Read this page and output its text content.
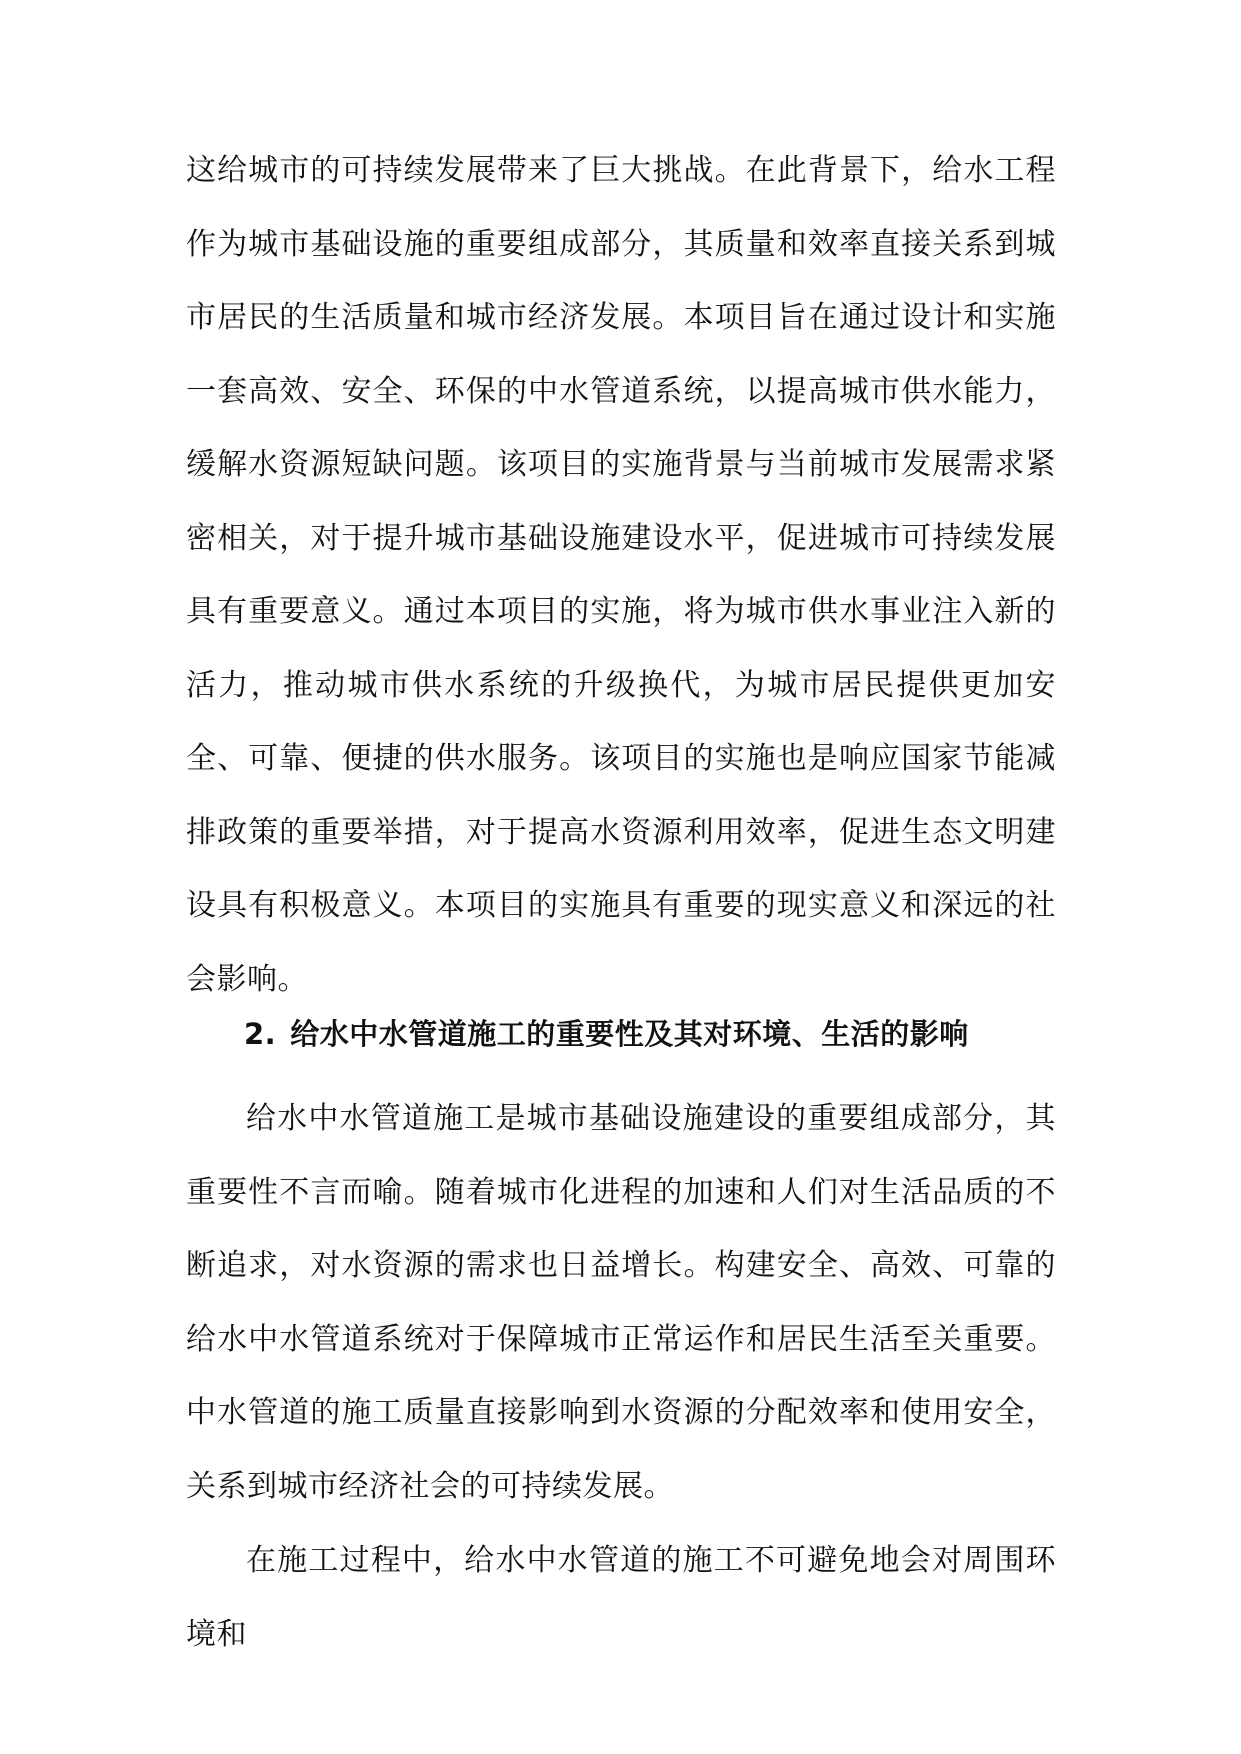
这给城市的可持续发展带来了巨大挑战。在此背景下，给水工程作为城市基础设施的重要组成部分，其质量和效率直接关系到城市居民的生活质量和城市经济发展。本项目旨在通过设计和实施一套高效、安全、环保的中水管道系统，以提高城市供水能力，缓解水资源短缺问题。该项目的实施背景与当前城市发展需求紧密相关，对于提升城市基础设施建设水平，促进城市可持续发展具有重要意义。通过本项目的实施，将为城市供水事业注入新的活力，推动城市供水系统的升级换代，为城市居民提供更加安全、可靠、便捷的供水服务。该项目的实施也是响应国家节能减排政策的重要举措，对于提高水资源利用效率，促进生态文明建设具有积极意义。本项目的实施具有重要的现实意义和深远的社会影响。

2. 给水中水管道施工的重要性及其对环境、生活的影响

给水中水管道施工是城市基础设施建设的重要组成部分，其重要性不言而喻。随着城市化进程的加速和人们对生活品质的不断追求，对水资源的需求也日益增长。构建安全、高效、可靠的给水中水管道系统对于保障城市正常运作和居民生活至关重要。中水管道的施工质量直接影响到水资源的分配效率和使用安全，关系到城市经济社会的可持续发展。

在施工过程中，给水中水管道的施工不可避免地会对周围环境和
